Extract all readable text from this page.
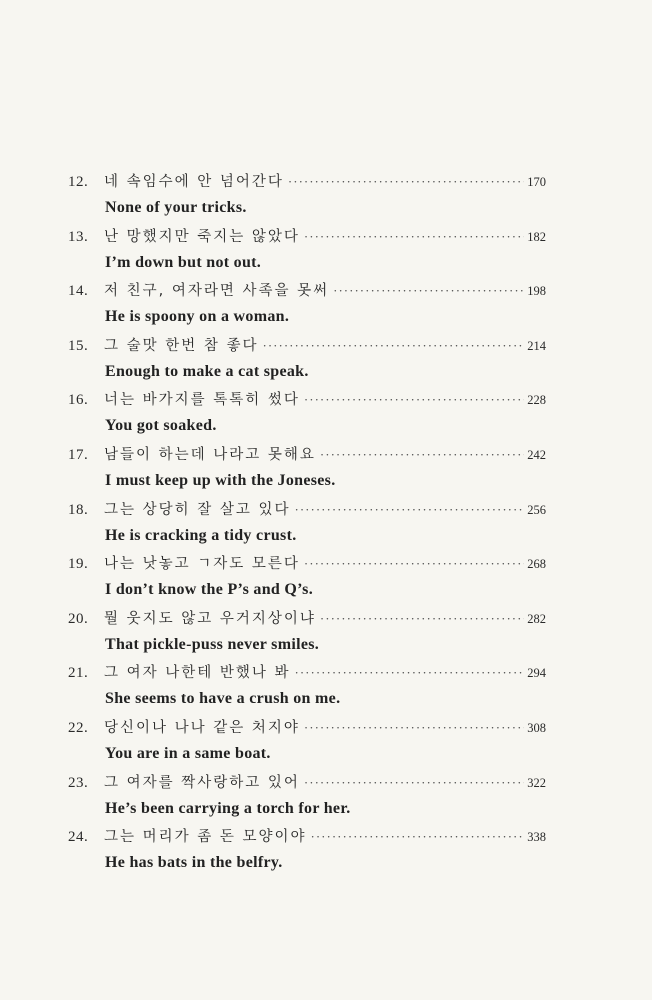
12.	네 속임수에 안 넘어간다 ·····	170
None of your tricks.
13.	난 망했지만 죽지는 않았다 ·····	182
I’m down but not out.
14.	저 친구, 여자라면 사족을 못써 ·····	198
He is spoony on a woman.
15.	그 술맛 한번 참 좋다 ·····	214
Enough to make a cat speak.
16.	너는 바가지를 톡톡히 썼다 ·····	228
You got soaked.
17.	남들이 하는데 나라고 못해요 ·····	242
I must keep up with the Joneses.
18.	그는 상당히 잘 살고 있다 ·····	256
He is cracking a tidy crust.
19.	나는 낫놓고 ㄱ자도 모른다 ·····	268
I don’t know the P’s and Q’s.
20.	뭘 웃지도 않고 우거지상이냐 ·····	282
That pickle-puss never smiles.
21.	그 여자 나한테 반했나 봐 ·····	294
She seems to have a crush on me.
22.	당신이나 나나 같은 처지야 ·····	308
You are in a same boat.
23.	그 여자를 짝사랑하고 있어 ·····	322
He’s been carrying a torch for her.
24.	그는 머리가 좀 돈 모양이야 ·····	338
He has bats in the belfry.
